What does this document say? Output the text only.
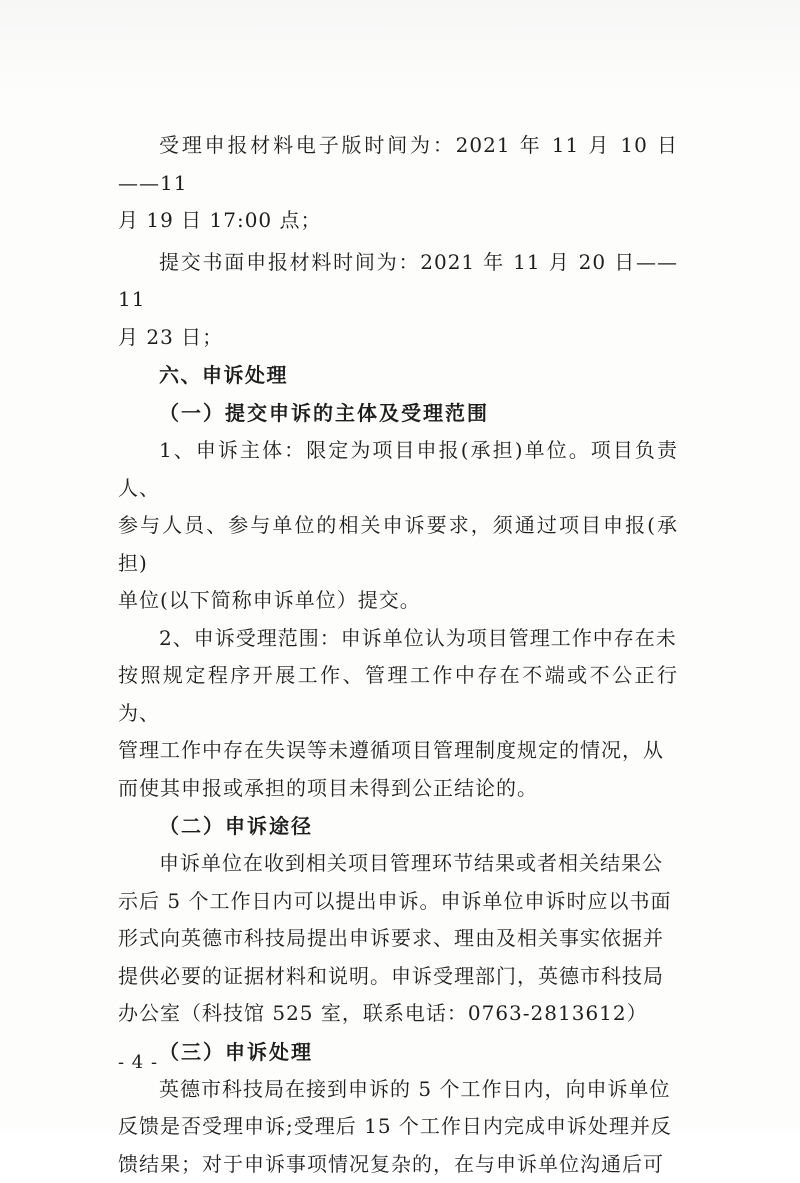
受理申报材料电子版时间为：2021 年 11 月 10 日——11

月 19 日 17:00 点；

提交书面申报材料时间为：2021 年 11 月 20 日——11

月 23 日；

六、申诉处理

（一）提交申诉的主体及受理范围

1、申诉主体：限定为项目申报(承担)单位。项目负责人、

参与人员、参与单位的相关申诉要求，须通过项目申报(承担)

单位(以下简称申诉单位）提交。

2、申诉受理范围：申诉单位认为项目管理工作中存在未

按照规定程序开展工作、管理工作中存在不端或不公正行为、

管理工作中存在失误等未遵循项目管理制度规定的情况，从

而使其申报或承担的项目未得到公正结论的。

（二）申诉途径

申诉单位在收到相关项目管理环节结果或者相关结果公

示后 5 个工作日内可以提出申诉。申诉单位申诉时应以书面

形式向英德市科技局提出申诉要求、理由及相关事实依据并

提供必要的证据材料和说明。申诉受理部门，英德市科技局

办公室（科技馆 525 室，联系电话：0763-2813612）

（三）申诉处理

英德市科技局在接到申诉的 5 个工作日内，向申诉单位

反馈是否受理申诉;受理后 15 个工作日内完成申诉处理并反

馈结果；对于申诉事项情况复杂的，在与申诉单位沟通后可

- 4 -
